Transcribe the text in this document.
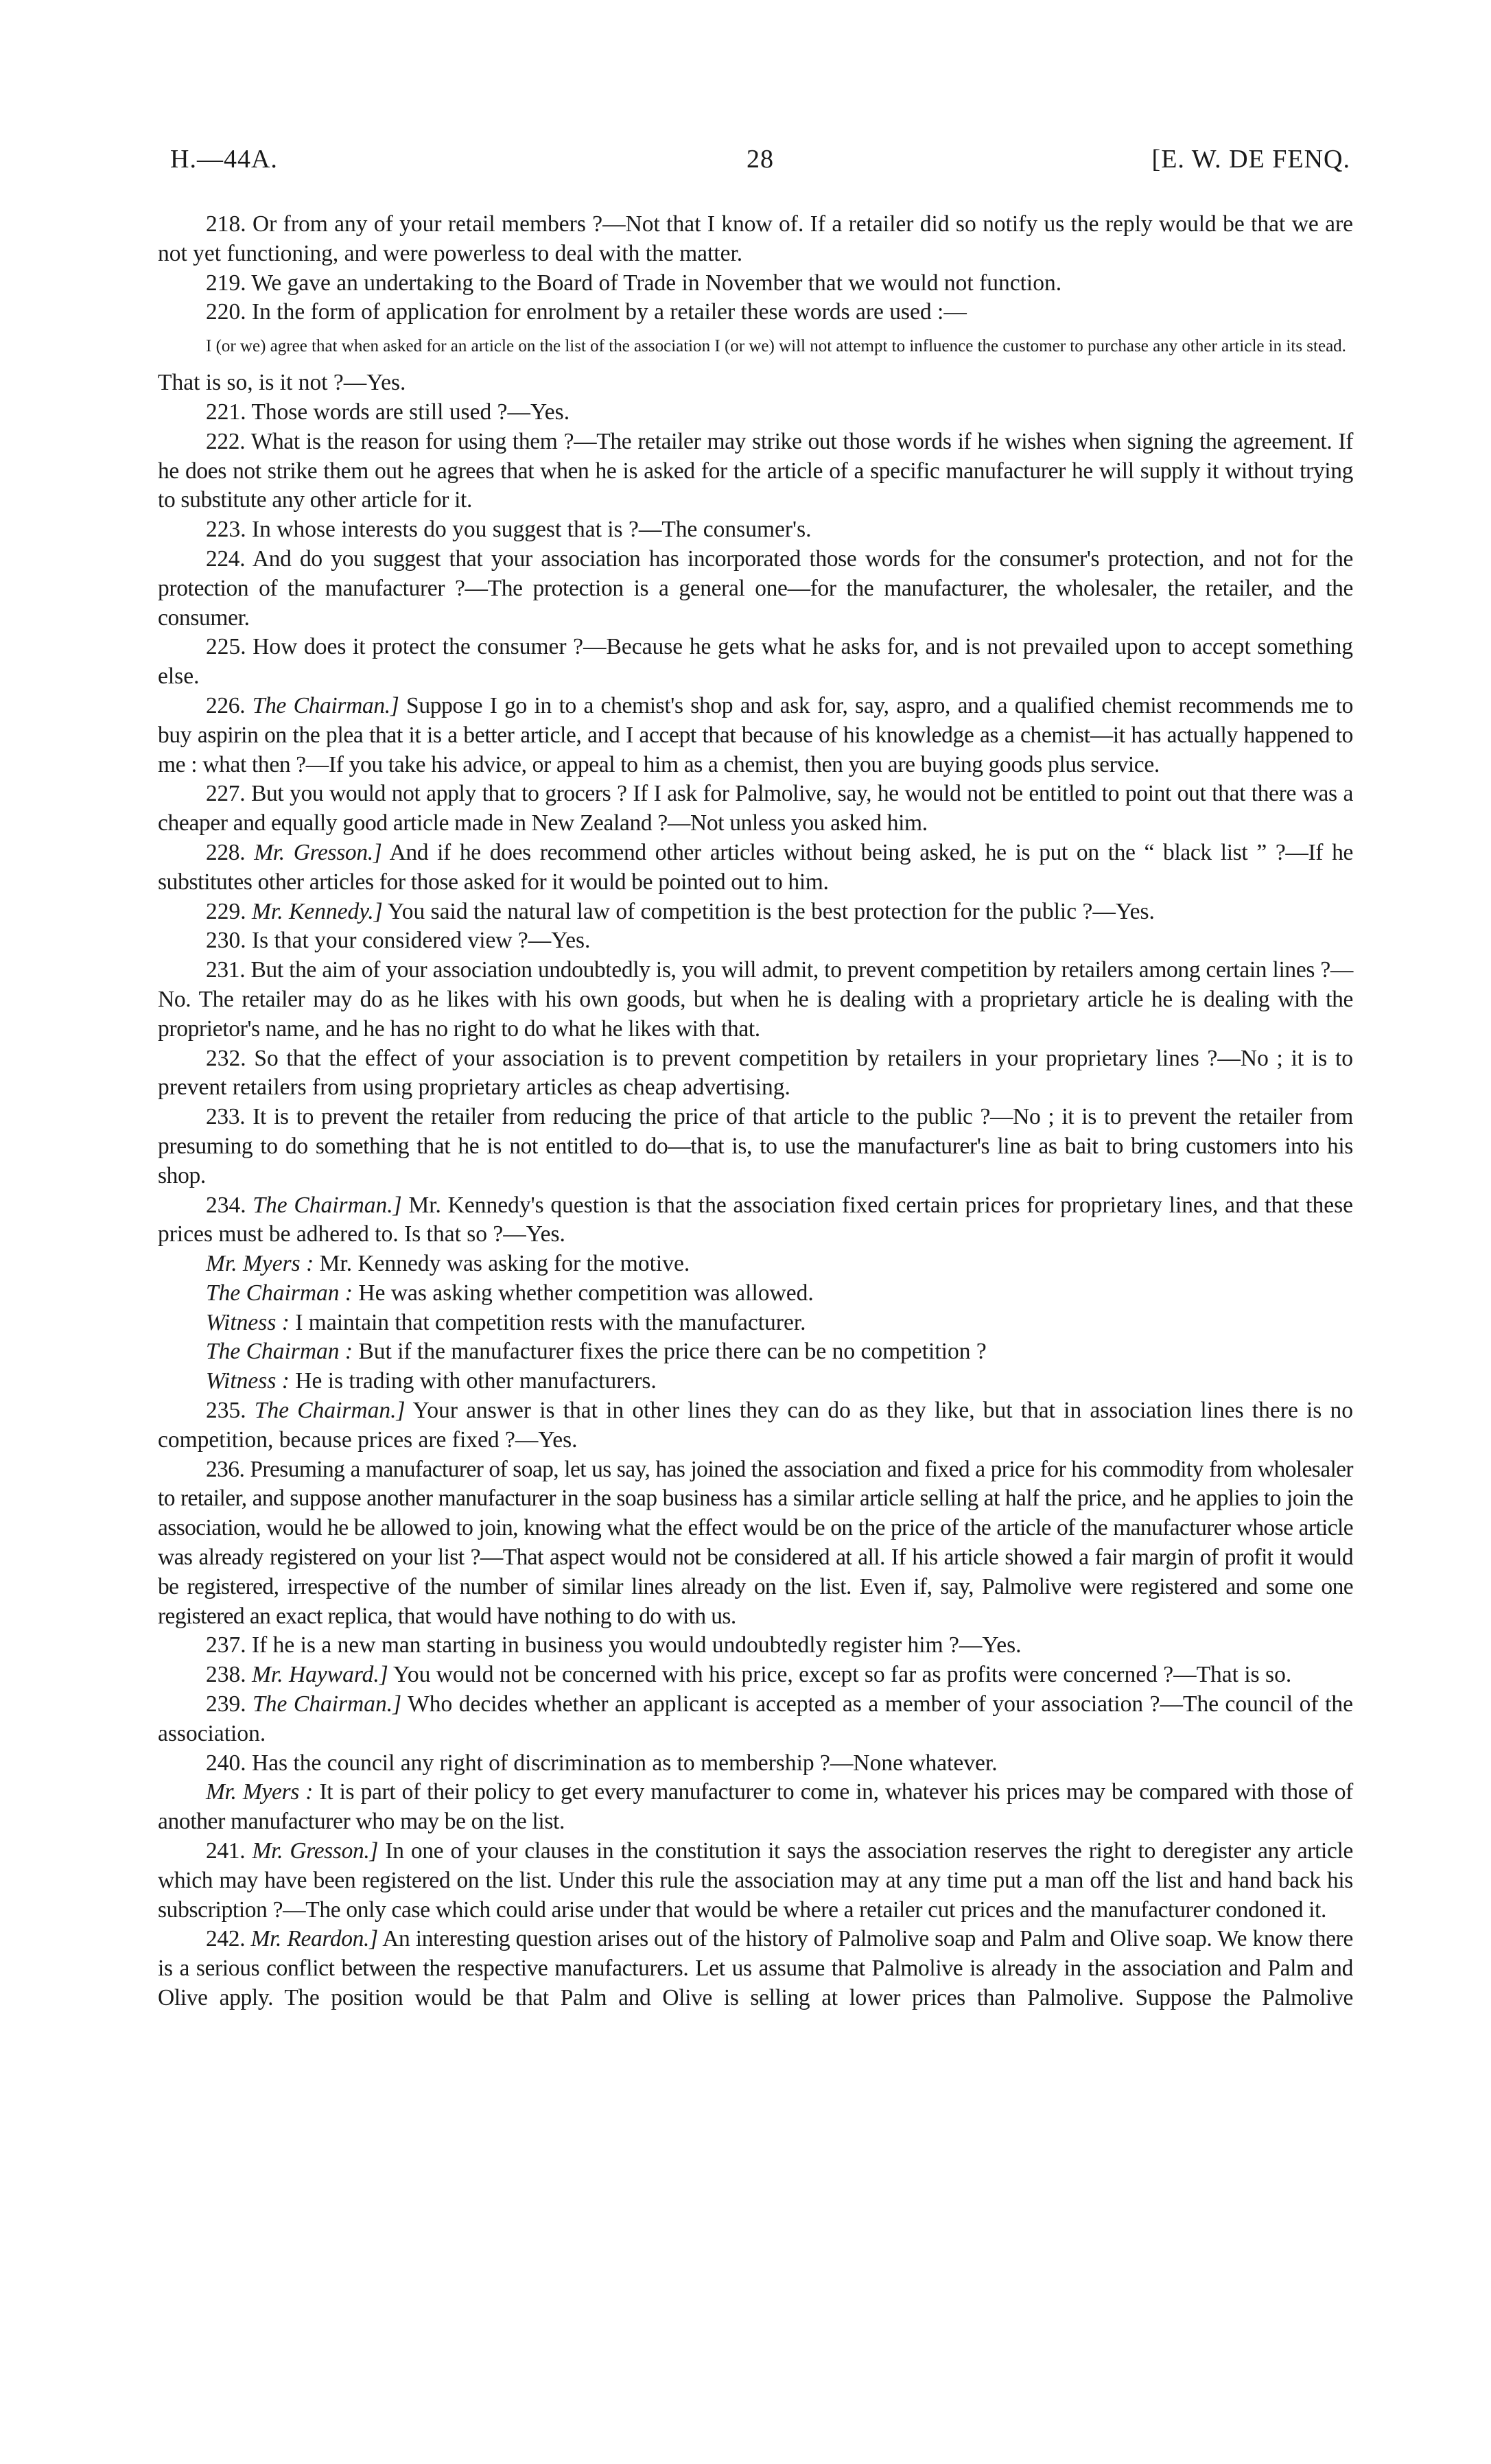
H.—44A.	28	[E. W. DE FENQ.

218. Or from any of your retail members ?—Not that I know of. If a retailer did so notify us the reply would be that we are not yet functioning, and were powerless to deal with the matter.

219. We gave an undertaking to the Board of Trade in November that we would not function.

220. In the form of application for enrolment by a retailer these words are used :—

I (or we) agree that when asked for an article on the list of the association I (or we) will not attempt to influence the customer to purchase any other article in its stead.

That is so, is it not ?—Yes.

221. Those words are still used ?—Yes.

222. What is the reason for using them ?—The retailer may strike out those words if he wishes when signing the agreement. If he does not strike them out he agrees that when he is asked for the article of a specific manufacturer he will supply it without trying to substitute any other article for it.

223. In whose interests do you suggest that is ?—The consumer's.

224. And do you suggest that your association has incorporated those words for the consumer's protection, and not for the protection of the manufacturer ?—The protection is a general one—for the manufacturer, the wholesaler, the retailer, and the consumer.

225. How does it protect the consumer ?—Because he gets what he asks for, and is not prevailed upon to accept something else.

226. The Chairman.] Suppose I go in to a chemist's shop and ask for, say, aspro, and a qualified chemist recommends me to buy aspirin on the plea that it is a better article, and I accept that because of his knowledge as a chemist—it has actually happened to me : what then ?—If you take his advice, or appeal to him as a chemist, then you are buying goods plus service.

227. But you would not apply that to grocers ? If I ask for Palmolive, say, he would not be entitled to point out that there was a cheaper and equally good article made in New Zealand ?—Not unless you asked him.

228. Mr. Gresson.] And if he does recommend other articles without being asked, he is put on the “ black list ” ?—If he substitutes other articles for those asked for it would be pointed out to him.

229. Mr. Kennedy.] You said the natural law of competition is the best protection for the public ?—Yes.

230. Is that your considered view ?—Yes.

231. But the aim of your association undoubtedly is, you will admit, to prevent competition by retailers among certain lines ?—No. The retailer may do as he likes with his own goods, but when he is dealing with a proprietary article he is dealing with the proprietor's name, and he has no right to do what he likes with that.

232. So that the effect of your association is to prevent competition by retailers in your proprietary lines ?—No ; it is to prevent retailers from using proprietary articles as cheap advertising.

233. It is to prevent the retailer from reducing the price of that article to the public ?—No ; it is to prevent the retailer from presuming to do something that he is not entitled to do—that is, to use the manufacturer's line as bait to bring customers into his shop.

234. The Chairman.] Mr. Kennedy's question is that the association fixed certain prices for proprietary lines, and that these prices must be adhered to. Is that so ?—Yes.

Mr. Myers : Mr. Kennedy was asking for the motive.

The Chairman : He was asking whether competition was allowed.

Witness : I maintain that competition rests with the manufacturer.

The Chairman : But if the manufacturer fixes the price there can be no competition ?

Witness : He is trading with other manufacturers.

235. The Chairman.] Your answer is that in other lines they can do as they like, but that in association lines there is no competition, because prices are fixed ?—Yes.

236. Presuming a manufacturer of soap, let us say, has joined the association and fixed a price for his commodity from wholesaler to retailer, and suppose another manufacturer in the soap business has a similar article selling at half the price, and he applies to join the association, would he be allowed to join, knowing what the effect would be on the price of the article of the manufacturer whose article was already registered on your list ?—That aspect would not be considered at all. If his article showed a fair margin of profit it would be registered, irrespective of the number of similar lines already on the list. Even if, say, Palmolive were registered and some one registered an exact replica, that would have nothing to do with us.

237. If he is a new man starting in business you would undoubtedly register him ?—Yes.

238. Mr. Hayward.] You would not be concerned with his price, except so far as profits were concerned ?—That is so.

239. The Chairman.] Who decides whether an applicant is accepted as a member of your association ?—The council of the association.

240. Has the council any right of discrimination as to membership ?—None whatever.

Mr. Myers : It is part of their policy to get every manufacturer to come in, whatever his prices may be compared with those of another manufacturer who may be on the list.

241. Mr. Gresson.] In one of your clauses in the constitution it says the association reserves the right to deregister any article which may have been registered on the list. Under this rule the association may at any time put a man off the list and hand back his subscription ?—The only case which could arise under that would be where a retailer cut prices and the manufacturer condoned it.

242. Mr. Reardon.] An interesting question arises out of the history of Palmolive soap and Palm and Olive soap. We know there is a serious conflict between the respective manufacturers. Let us assume that Palmolive is already in the association and Palm and Olive apply. The position would be that Palm and Olive is selling at lower prices than Palmolive. Suppose the Palmolive
